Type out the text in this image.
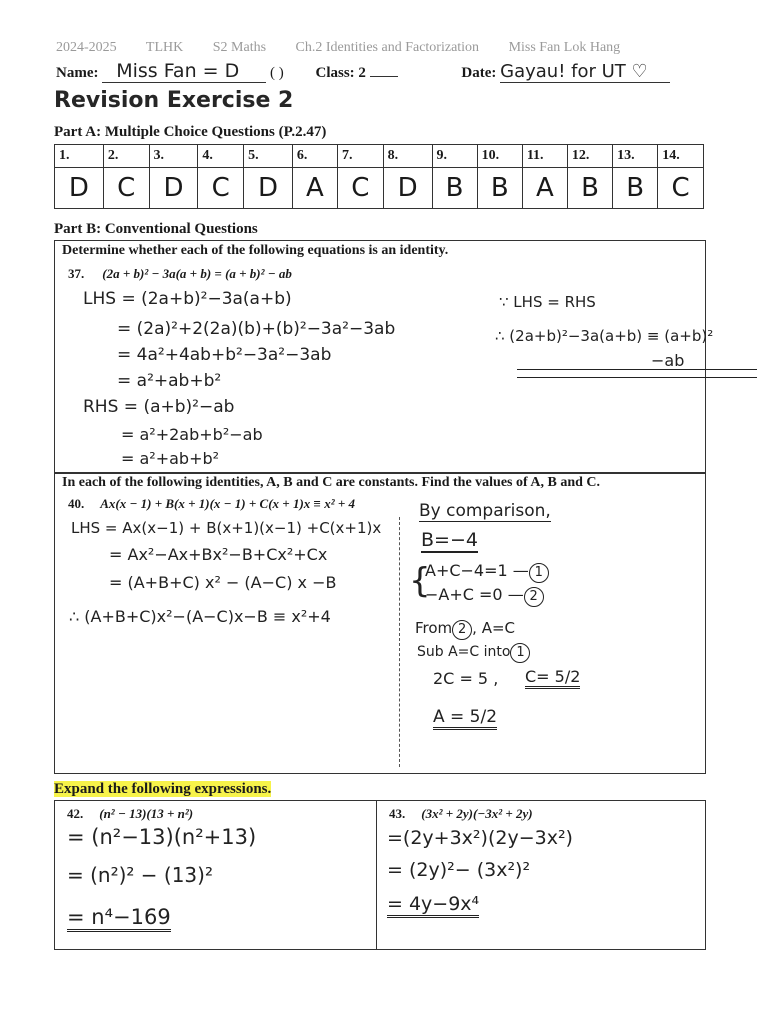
2024-2025 TLHK S2 Maths Ch.2 Identities and Factorization Miss Fan Lok Hang
Name: Miss Fan = D ( ) Class: 2	Date: Gayau! for UT ♡
Revision Exercise 2
Part A: Multiple Choice Questions (P.2.47)
1.	2.	3.	4.	5.	6.	7.	8.	9.	10.	11.	12.	13.	14.
D	C	D	C	D	A	C	D	B	B	A	B	B	C
Part B: Conventional Questions
Determine whether each of the following equations is an identity.
37. (2a + b)² − 3a(a + b) = (a + b)² − ab
LHS = (2a+b)²−3a(a+b)
= (2a)²+2(2a)(b)+(b)²−3a²−3ab
= 4a²+4ab+b²−3a²−3ab
= a²+ab+b²
RHS = (a+b)²−ab
= a²+2ab+b²−ab
= a²+ab+b²
∵ LHS = RHS
∴ (2a+b)²−3a(a+b) ≡ (a+b)²
−ab
In each of the following identities, A, B and C are constants. Find the values of A, B and C.
40. Ax(x − 1) + B(x + 1)(x − 1) + C(x + 1)x ≡ x² + 4
LHS = Ax(x−1) + B(x+1)(x−1) +C(x+1)x
= Ax²−Ax+Bx²−B+Cx²+Cx
= (A+B+C) x² − (A−C) x −B
∴ (A+B+C)x²−(A−C)x−B ≡ x²+4
By comparison,
B=−4
{
A+C−4=1 — 1
−A+C =0 — 2
From 2 , A=C
Sub A=C into 1
2C = 5 , C= 5/2
A = 5/2
Expand the following expressions.
42. (n² − 13)(13 + n²)
= (n²−13)(n²+13)
= (n²)² − (13)²
= n⁴−169
43. (3x² + 2y)(−3x² + 2y)
=(2y+3x²)(2y−3x²)
= (2y)²− (3x²)²
= 4y−9x⁴
